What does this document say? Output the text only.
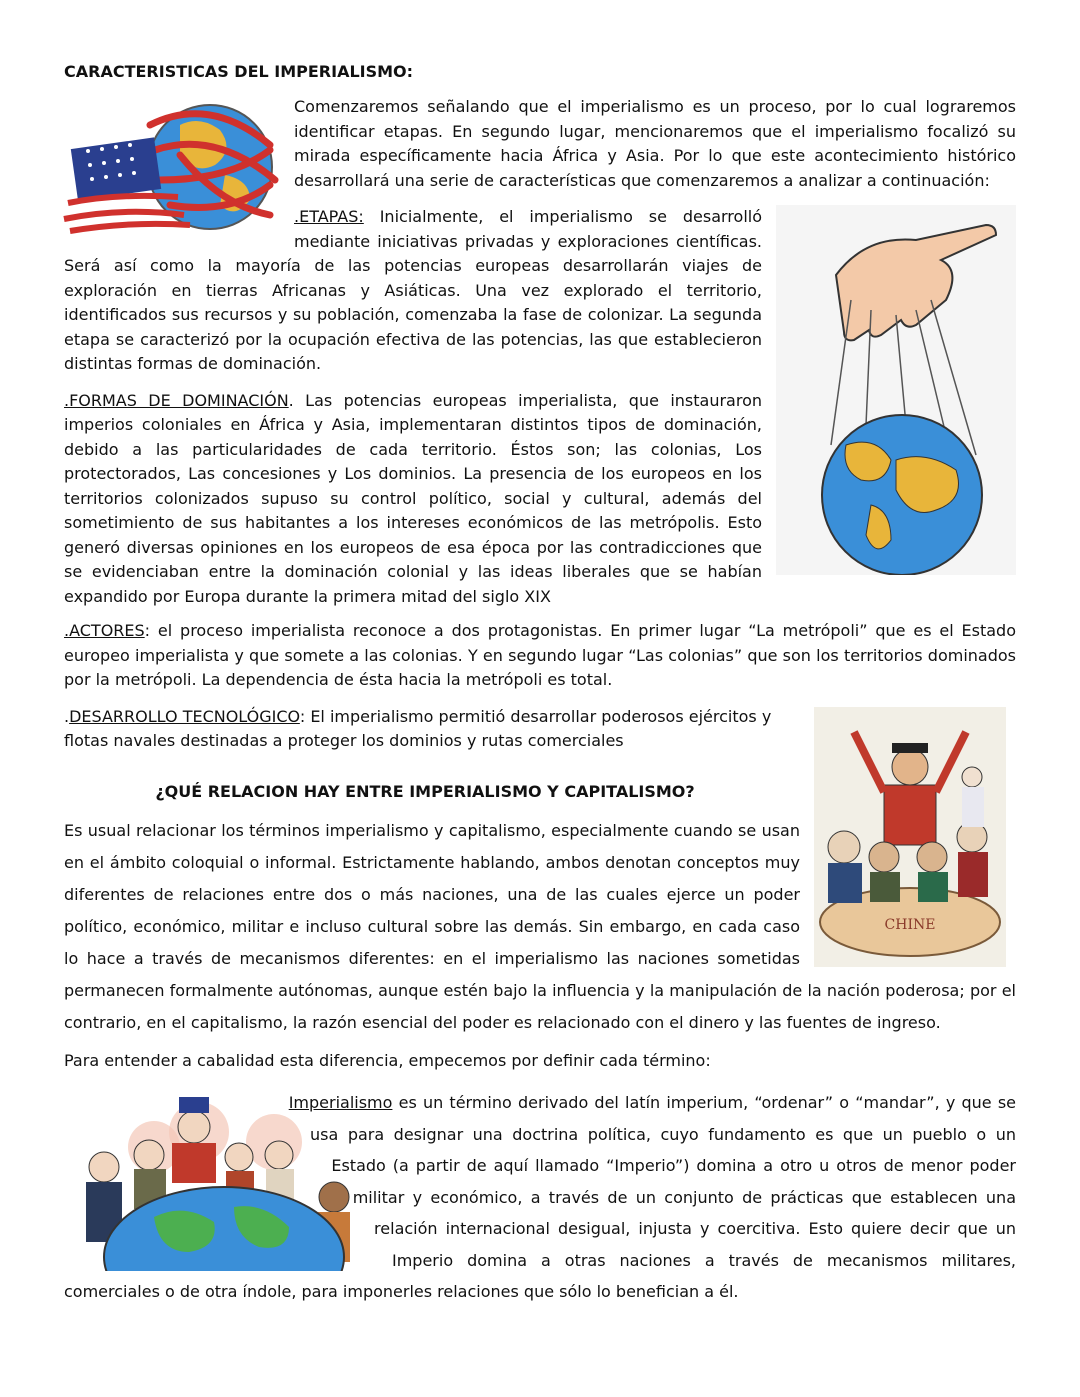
CARACTERISTICAS DEL IMPERIALISMO:

Comenzaremos señalando que el imperialismo es un proceso, por lo cual lograremos identificar etapas. En segundo lugar, mencionaremos que el imperialismo focalizó su mirada específicamente hacia África y Asia. Por lo que este acontecimiento histórico desarrollará una serie de características que comenzaremos a analizar a continuación:

.ETAPAS: Inicialmente, el imperialismo se desarrolló mediante iniciativas privadas y exploraciones científicas. Será así como la mayoría de las potencias europeas desarrollarán viajes de exploración en tierras Africanas y Asiáticas. Una vez explorado el territorio, identificados sus recursos y su población, comenzaba la fase de colonizar. La segunda etapa se caracterizó por la ocupación efectiva de las potencias, las que establecieron distintas formas de dominación.

.FORMAS DE DOMINACIÓN. Las potencias europeas imperialista, que instauraron imperios coloniales en África y Asia, implementaran distintos tipos de dominación, debido a las particularidades de cada territorio. Éstos son; las colonias, Los protectorados, Las concesiones y Los dominios. La presencia de los europeos en los territorios colonizados supuso su control político, social y cultural, además del sometimiento de sus habitantes a los intereses económicos de las metrópolis. Esto generó diversas opiniones en los europeos de esa época por las contradicciones que se evidenciaban entre la dominación colonial y las ideas liberales que se habían expandido por Europa durante la primera mitad del siglo XIX

.ACTORES: el proceso imperialista reconoce a dos protagonistas. En primer lugar “La metrópoli” que es el Estado europeo imperialista y que somete a las colonias. Y en segundo lugar “Las colonias” que son los territorios dominados por la metrópoli. La dependencia de ésta hacia la metrópoli es total.

CHINE

.DESARROLLO TECNOLÓGICO: El imperialismo permitió desarrollar poderosos ejércitos y flotas navales destinadas a proteger los dominios y rutas comerciales

¿QUÉ RELACION HAY ENTRE IMPERIALISMO Y CAPITALISMO?

Es usual relacionar los términos imperialismo y capitalismo, especialmente cuando se usan en el ámbito coloquial o informal. Estrictamente hablando, ambos denotan conceptos muy diferentes de relaciones entre dos o más naciones, una de las cuales ejerce un poder político, económico, militar e incluso cultural sobre las demás. Sin embargo, en cada caso lo hace a través de mecanismos diferentes: en el imperialismo las naciones sometidas permanecen formalmente autónomas, aunque estén bajo la influencia y la manipulación de la nación poderosa; por el contrario, en el capitalismo, la razón esencial del poder es relacionado con el dinero y las fuentes de ingreso.

Para entender a cabalidad esta diferencia, empecemos por definir cada término:

Imperialismo es un término derivado del latín imperium, “ordenar” o “mandar”, y que se usa para designar una doctrina política, cuyo fundamento es que un pueblo o un Estado (a partir de aquí llamado “Imperio”) domina a otro u otros de menor poder militar y económico, a través de un conjunto de prácticas que establecen una relación internacional desigual, injusta y coercitiva. Esto quiere decir que un Imperio domina a otras naciones a través de mecanismos militares, comerciales o de otra índole, para imponerles relaciones que sólo lo benefician a él.
